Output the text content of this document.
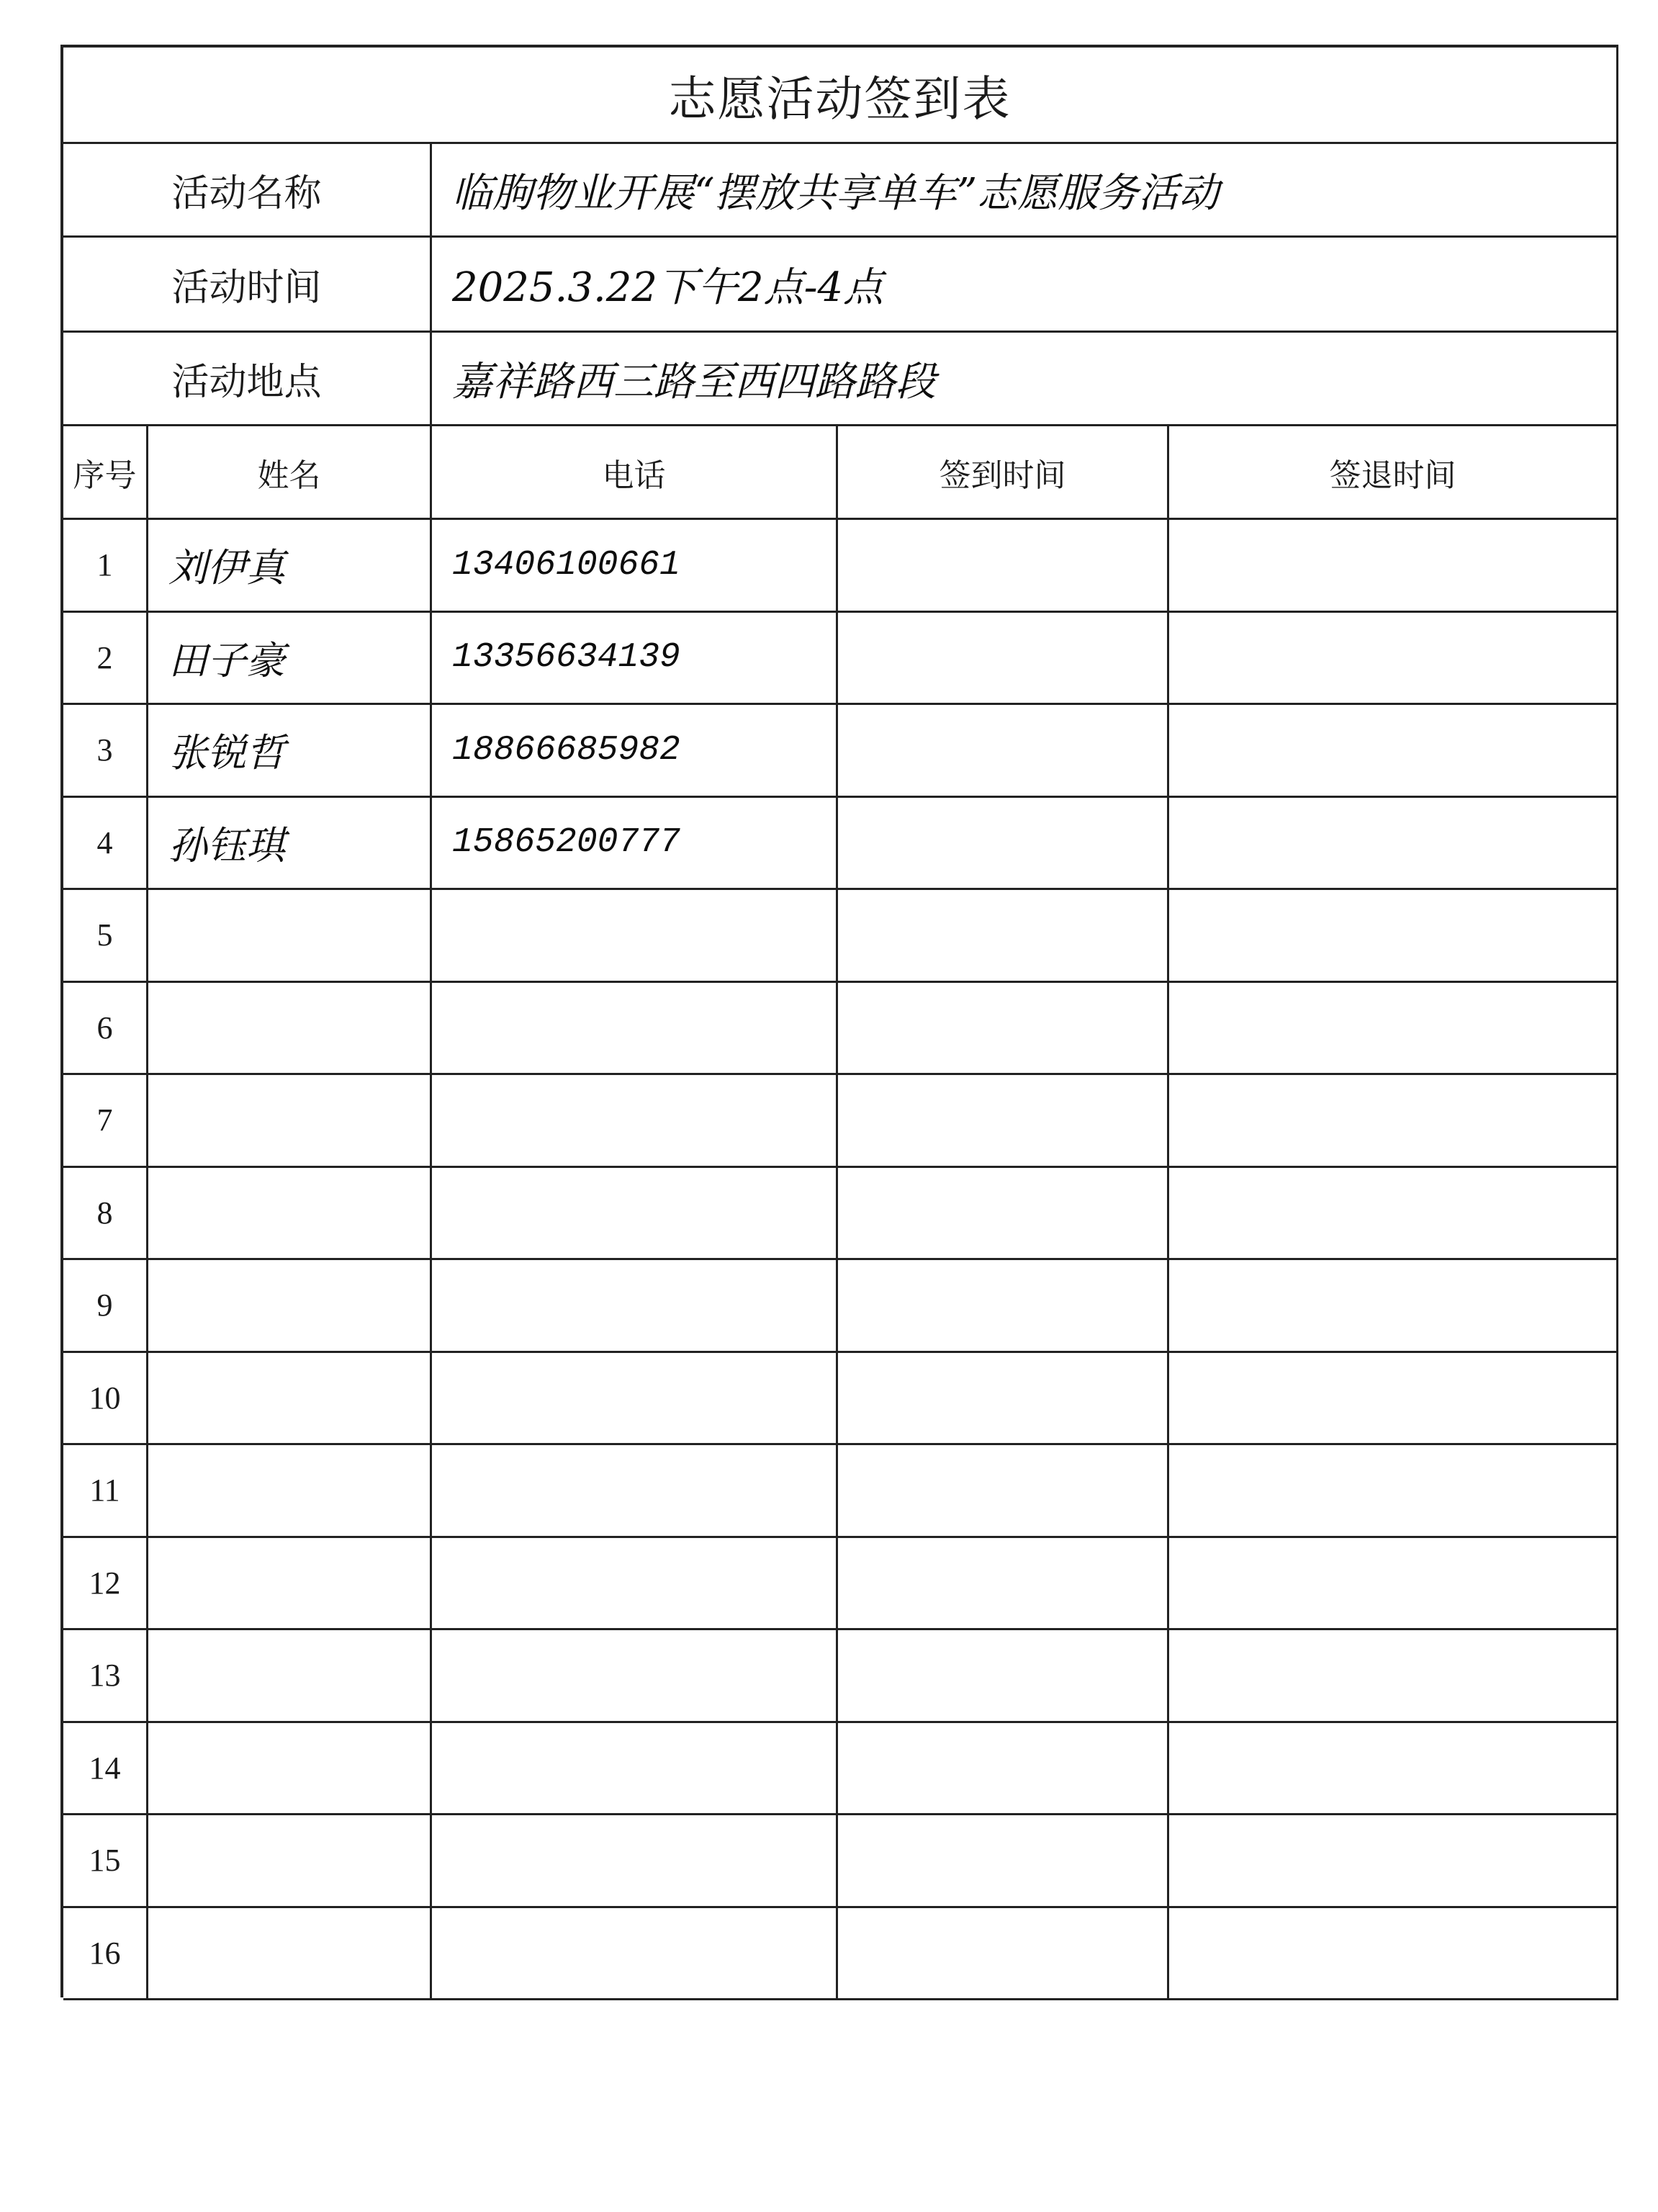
志愿活动签到表
活动名称	临朐物业开展“摆放共享单车”志愿服务活动
活动时间	2025.3.22下午2点-4点
活动地点	嘉祥路西三路至西四路路段
序号	姓名	电话	签到时间	签退时间
1	刘伊真	13406100661
2	田子豪	13356634139
3	张锐哲	18866685982
4	孙钰琪	15865200777
5
6
7
8
9
10
11
12
13
14
15
16
